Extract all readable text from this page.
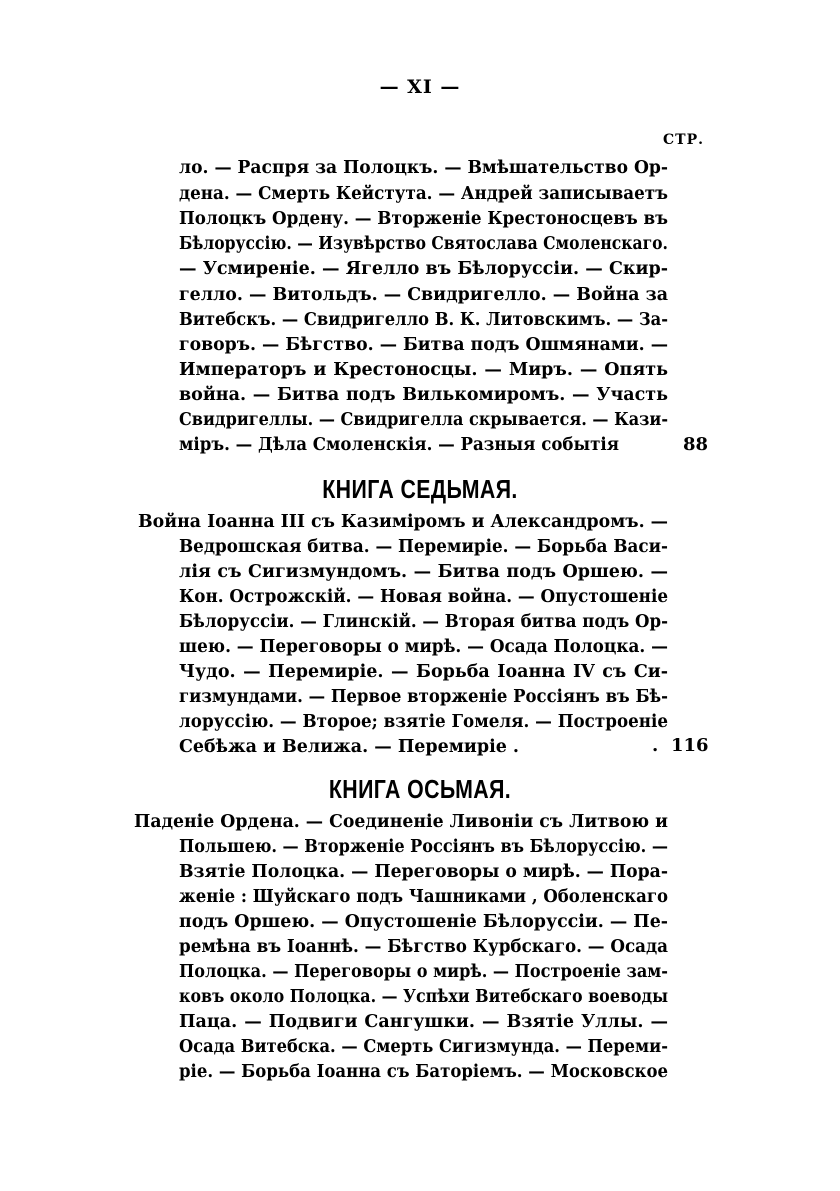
— XI —
СТР.
ло. — Распря за Полоцкъ. — Вмѣшательство Ор-
дена. — Смерть Кейстута. — Андрей записываетъ
Полоцкъ Ордену. — Вторженіе Крестоносцевъ въ
Бѣлоруссію. — Изувѣрство Святослава Смоленскаго.
— Усмиреніе. — Ягелло въ Бѣлоруссіи. — Скир-
гелло. — Витольдъ. — Свидригелло. — Война за
Витебскъ. — Свидригелло В. К. Литовскимъ. — За-
говоръ. — Бѣгство. — Битва подъ Ошмянами. —
Императоръ и Крестоносцы. — Миръ. — Опять
война. — Битва подъ Вилькомиромъ. — Участь
Свидригеллы. — Свидригелла скрывается. — Кази-
міръ. — Дѣла Смоленскія. — Разныя событія	88
КНИГА СЕДЬМАЯ.
Война Іоанна III съ Казиміромъ и Александромъ. —
Ведрошская битва. — Перемиріе. — Борьба Васи-
лія съ Сигизмундомъ. — Битва подъ Оршею. —
Кон. Острожскій. — Новая война. — Опустошеніе
Бѣлоруссіи. — Глинскій. — Вторая битва подъ Ор-
шею. — Переговоры о мирѣ. — Осада Полоцка. —
Чудо. — Перемиріе. — Борьба Іоанна IV съ Си-
гизмундами. — Первое вторженіе Россіянъ въ Бѣ-
лоруссію. — Второе; взятіе Гомеля. — Построеніе
Себѣжа и Велижа. — Перемиріе .	. 116
КНИГА ОСЬМАЯ.
Паденіе Ордена. — Соединеніе Ливоніи съ Литвою и
Польшею. — Вторженіе Россіянъ въ Бѣлоруссію. —
Взятіе Полоцка. — Переговоры о мирѣ. — Пора-
женіе : Шуйскаго подъ Чашниками , Оболенскаго
подъ Оршею. — Опустошеніе Бѣлоруссіи. — Пе-
ремѣна въ Іоаннѣ. — Бѣгство Курбскаго. — Осада
Полоцка. — Переговоры о мирѣ. — Построеніе зам-
ковъ около Полоцка. — Успѣхи Витебскаго воеводы
Паца. — Подвиги Сангушки. — Взятіе Уллы. —
Осада Витебска. — Смерть Сигизмунда. — Переми-
ріе. — Борьба Іоанна съ Баторіемъ. — Московское
